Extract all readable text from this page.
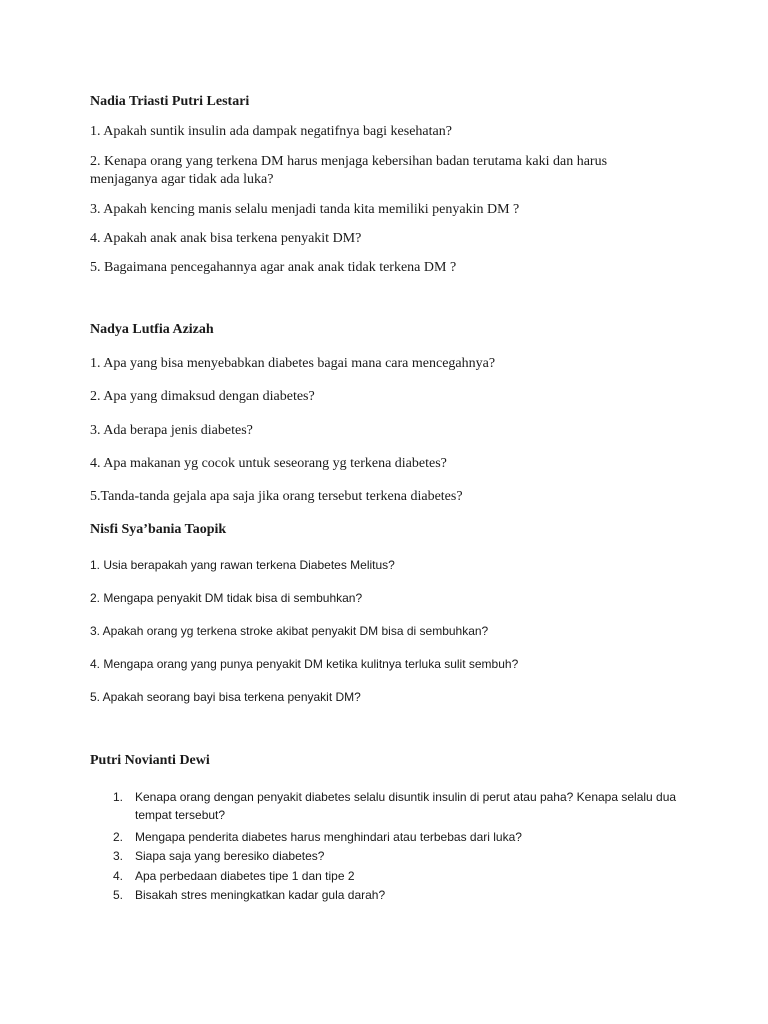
Nadia Triasti Putri Lestari
1. Apakah suntik insulin ada dampak negatifnya bagi kesehatan?
2. Kenapa orang yang terkena DM harus menjaga kebersihan badan terutama kaki dan harus menjaganya agar tidak ada luka?
3. Apakah kencing manis selalu menjadi tanda kita memiliki penyakin DM ?
4. Apakah anak anak bisa terkena penyakit DM?
5. Bagaimana pencegahannya agar anak anak tidak terkena DM ?
Nadya Lutfia Azizah
1. Apa yang bisa menyebabkan diabetes bagai mana cara mencegahnya?
2. Apa yang dimaksud dengan diabetes?
3. Ada berapa jenis diabetes?
4. Apa makanan yg cocok untuk seseorang yg terkena diabetes?
5.Tanda-tanda gejala apa saja jika orang tersebut terkena diabetes?
Nisfi Sya’bania Taopik
1. Usia berapakah yang rawan terkena Diabetes Melitus?
2. Mengapa penyakit DM tidak bisa di sembuhkan?
3. Apakah orang yg terkena stroke akibat penyakit DM bisa di sembuhkan?
4. Mengapa orang yang punya penyakit DM ketika kulitnya terluka sulit sembuh?
5. Apakah seorang bayi bisa terkena penyakit DM?
Putri Novianti Dewi
1. Kenapa orang dengan penyakit diabetes selalu disuntik insulin di perut atau paha? Kenapa selalu dua tempat tersebut?
2. Mengapa penderita diabetes harus menghindari atau terbebas dari luka?
3. Siapa saja yang beresiko diabetes?
4. Apa perbedaan diabetes tipe 1 dan tipe 2
5. Bisakah stres meningkatkan kadar gula darah?
